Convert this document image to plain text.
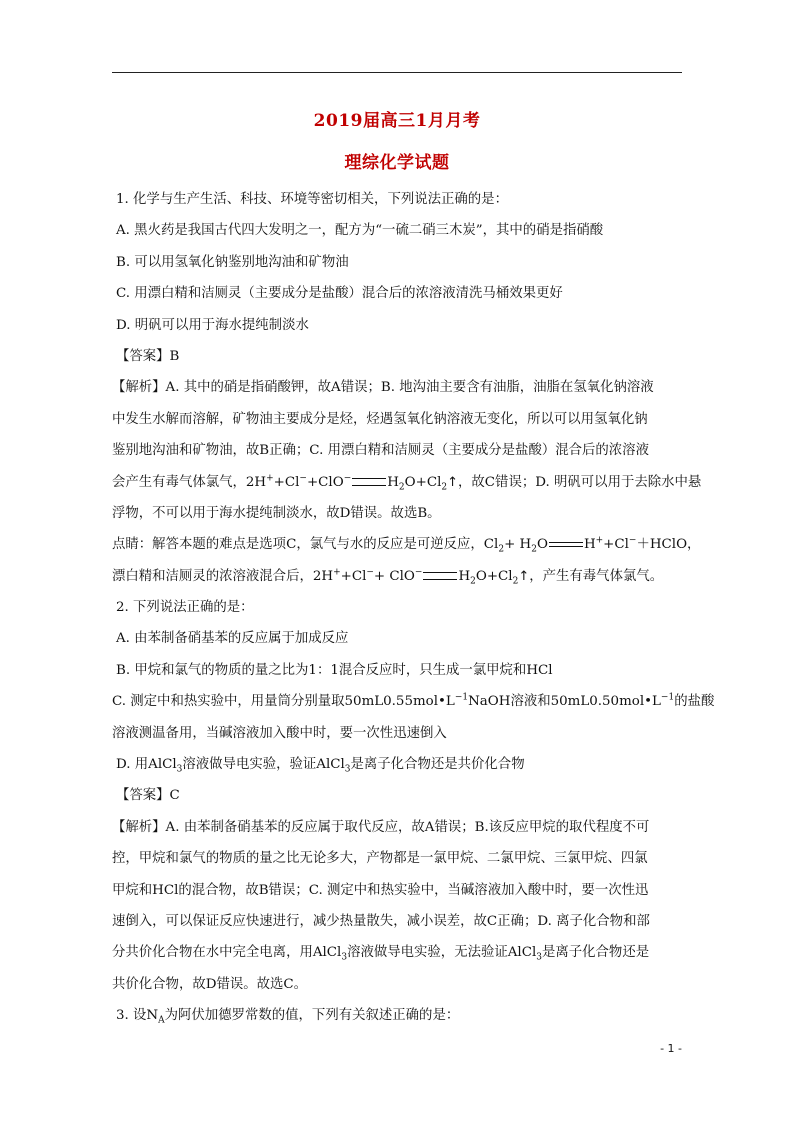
2019届高三1月月考
理综化学试题
1. 化学与生产生活、科技、环境等密切相关，下列说法正确的是：
A. 黑火药是我国古代四大发明之一，配方为“一硫二硝三木炭”，其中的硝是指硝酸
B. 可以用氢氧化钠鉴别地沟油和矿物油
C. 用漂白精和洁厕灵（主要成分是盐酸）混合后的浓溶液清洗马桶效果更好
D. 明矾可以用于海水提纯制淡水
【答案】B
【解析】A. 其中的硝是指硝酸钾，故A错误；B. 地沟油主要含有油脂，油脂在氢氧化钠溶液
中发生水解而溶解，矿物油主要成分是烃，烃遇氢氧化钠溶液无变化，所以可以用氢氧化钠
鉴别地沟油和矿物油，故B正确；C. 用漂白精和洁厕灵（主要成分是盐酸）混合后的浓溶液
会产生有毒气体氯气，2H++Cl−+ClO−	$H_2O+Cl_2↑$，故C错误；D. 明矾可以用于去除水中悬
浮物，不可以用于海水提纯制淡水，故D错误。故选B。
点睛：解答本题的难点是选项C，氯气与水的反应是可逆反应，$Cl_2+ H_2O$	H++Cl−＋HClO，
漂白精和洁厕灵的浓溶液混合后，2H++Cl−+ ClO−	$H_2O+Cl_2↑$，产生有毒气体氯气。
2. 下列说法正确的是：
A. 由苯制备硝基苯的反应属于加成反应
B. 甲烷和氯气的物质的量之比为1：1混合反应时，只生成一氯甲烷和HCl
C. 测定中和热实验中，用量筒分别量取$50mL0.55mol•L^{-1}NaOH$溶液和$50mL0.50mol•L^{-1}$的盐酸
溶液测温备用，当碱溶液加入酸中时，要一次性迅速倒入
D. 用AlCl$_3$溶液做导电实验，验证AlCl$_3$是离子化合物还是共价化合物
【答案】C
【解析】A. 由苯制备硝基苯的反应属于取代反应，故A错误；B.该反应甲烷的取代程度不可
控，甲烷和氯气的物质的量之比无论多大，产物都是一氯甲烷、二氯甲烷、三氯甲烷、四氯
甲烷和HCl的混合物，故B错误；C. 测定中和热实验中，当碱溶液加入酸中时，要一次性迅
速倒入，可以保证反应快速进行，减少热量散失，减小误差，故C正确；D. 离子化合物和部
分共价化合物在水中完全电离，用AlCl$_3$溶液做导电实验，无法验证AlCl$_3$是离子化合物还是
共价化合物，故D错误。故选C。
3. 设$N_A$为阿伏加德罗常数的值，下列有关叙述正确的是：
- 1 -
